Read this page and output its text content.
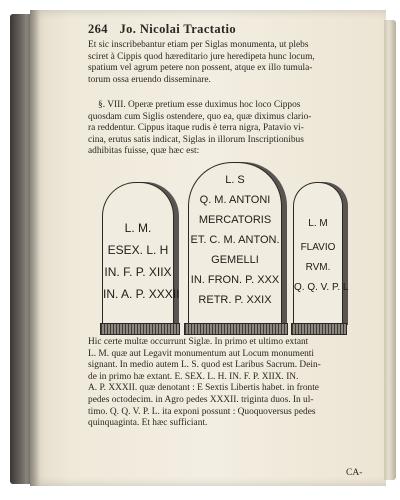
264 Jo. Nicolai Tractatio
Et sic inscribebantur etiam per Siglas monumenta, ut plebs
sciret à Cippis quod hæreditario jure heredipeta hunc locum,
spatium vel agrum petere non possent, atque ex illo tumula-
torum ossa eruendo disseminare.
§. VIII. Operæ pretium esse duximus hoc loco Cippos
quosdam cum Siglis ostendere, quo ea, quæ diximus clario-
ra reddentur. Cippus itaque rudis è terra nigra, Patavio vi-
cina, erutus satis indicat, Siglas in illorum Inscriptionibus
adhibitas fuisse, quæ hæc est:
L. M.
ESEX. L. H
IN. F. P. XIIX
IN. A. P. XXXII
L. S
Q. M. ANTONI
MERCATORIS
ET. C. M. ANTON.
GEMELLI
IN. FRON. P. XXX
RETR. P. XXIX
L. M
FLAVIO
RVM.
Q. Q. V. P. L
Hic certe multæ occurrunt Siglæ. In primo et ultimo extant
L. M. quæ aut Legavit monumentum aut Locum monumenti
signant. In medio autem L. S. quod est Laribus Sacrum. Dein-
de in primo hæ extant. E. SEX. L. H. IN. F. P. XIIX. IN.
A. P. XXXII. quæ denotant : E Sextis Libertis habet. in fronte
pedes octodecim. in Agro pedes XXXII. triginta duos. In ul-
timo. Q. Q. V. P. L. ita exponi possunt : Quoquoversus pedes
quinquaginta. Et hæc sufficiant.
CA-
